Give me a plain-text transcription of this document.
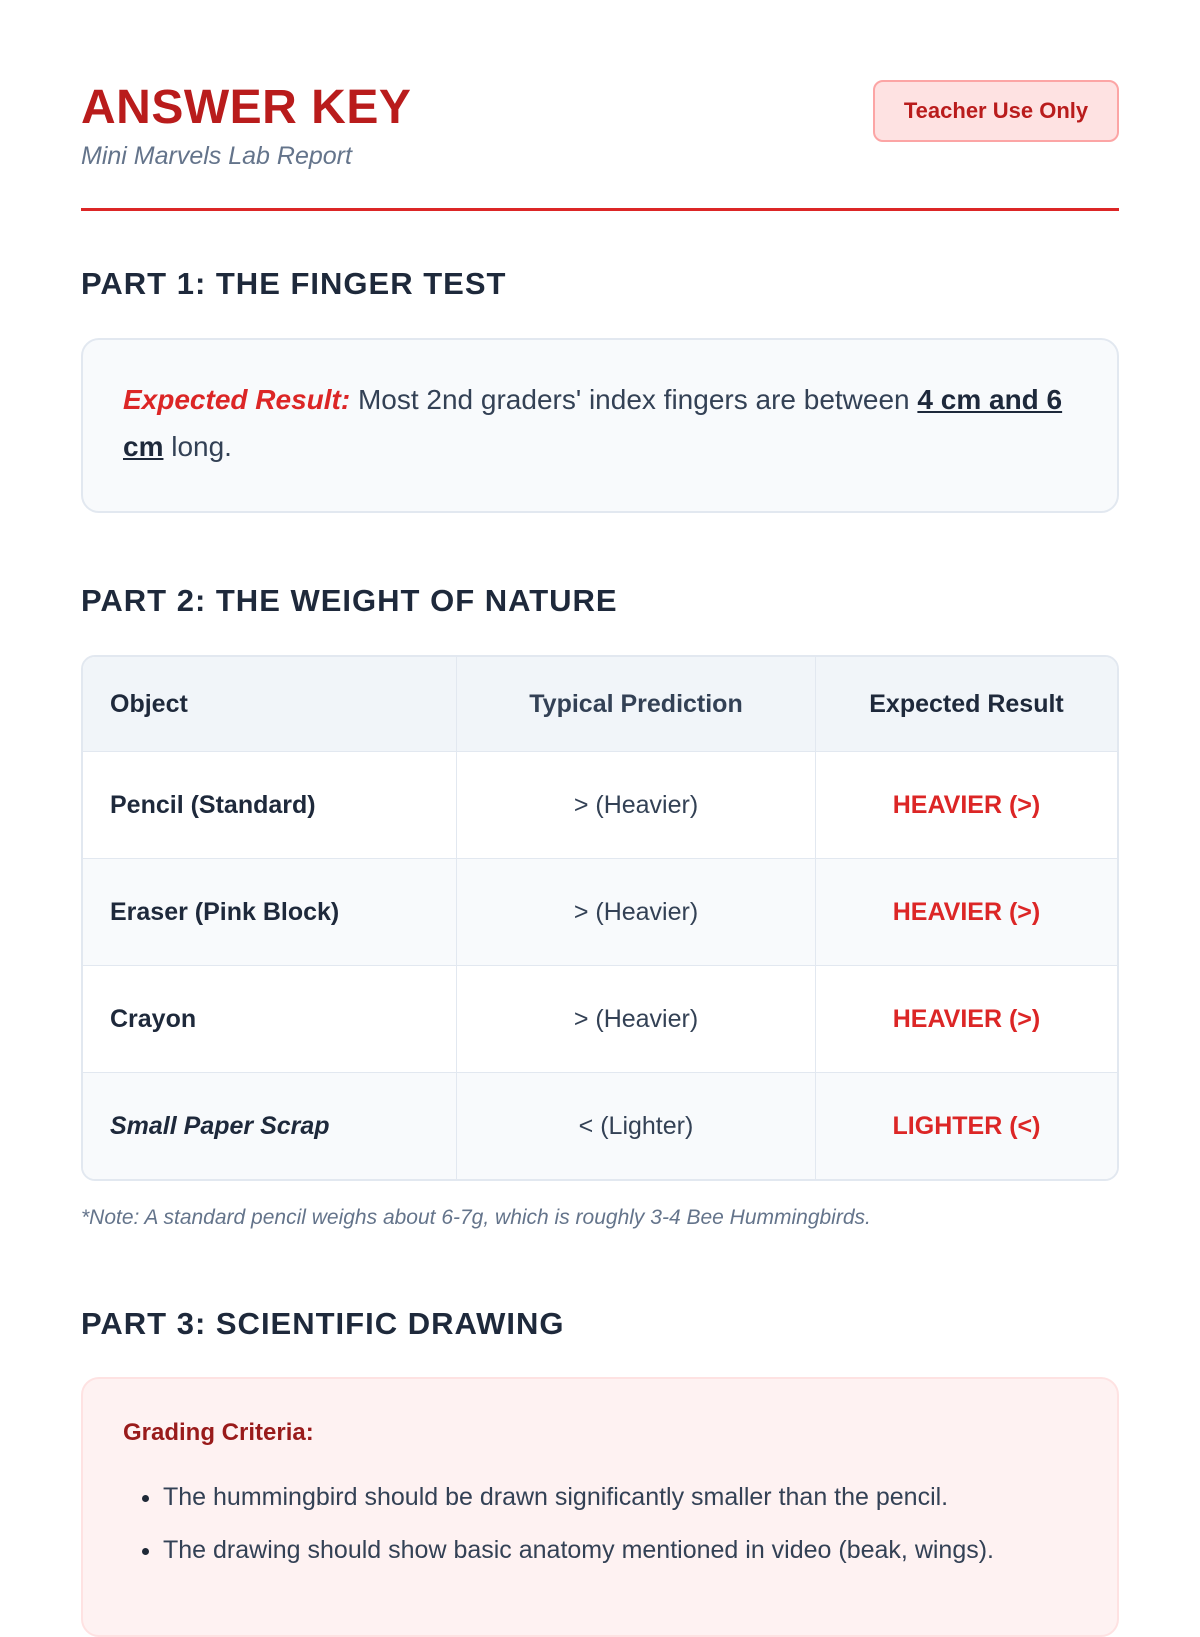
ANSWER KEY

Mini Marvels Lab Report

Teacher Use Only
PART 1: THE FINGER TEST
Expected Result: Most 2nd graders' index fingers are between 4 cm and 6 cm long.
PART 2: THE WEIGHT OF NATURE
Object	Typical Prediction	Expected Result
Pencil (Standard)	> (Heavier)	HEAVIER (>)
Eraser (Pink Block)	> (Heavier)	HEAVIER (>)
Crayon	> (Heavier)	HEAVIER (>)
Small Paper Scrap	< (Lighter)	LIGHTER (<)
*Note: A standard pencil weighs about 6-7g, which is roughly 3-4 Bee Hummingbirds.
PART 3: SCIENTIFIC DRAWING
Grading Criteria:
• The hummingbird should be drawn significantly smaller than the pencil.
• The drawing should show basic anatomy mentioned in video (beak, wings).
